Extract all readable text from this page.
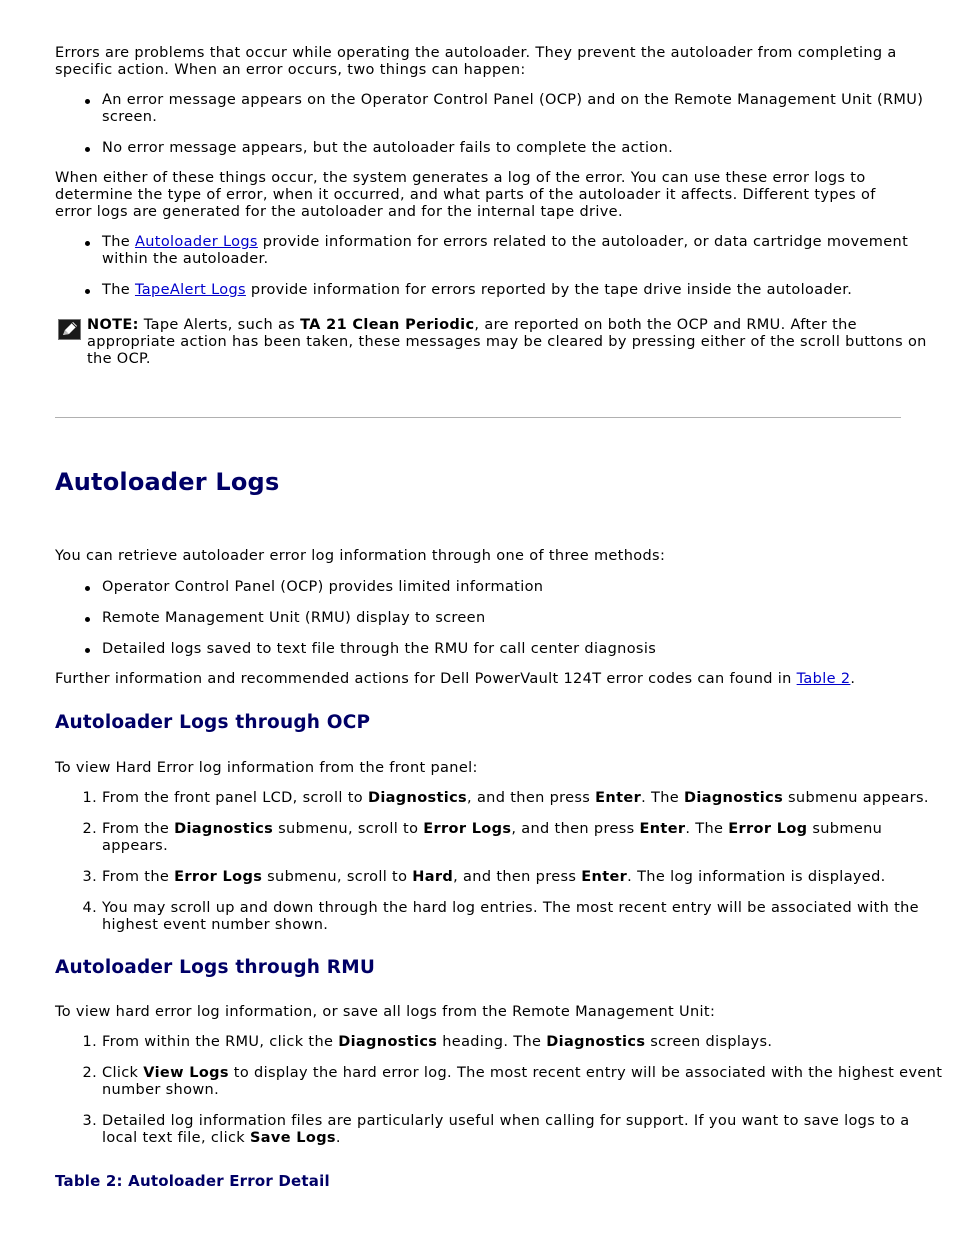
Errors are problems that occur while operating the autoloader. They prevent the autoloader from completing a specific action. When an error occurs, two things can happen:

An error message appears on the Operator Control Panel (OCP) and on the Remote Management Unit (RMU) screen.
No error message appears, but the autoloader fails to complete the action.

When either of these things occur, the system generates a log of the error. You can use these error logs to determine the type of error, when it occurred, and what parts of the autoloader it affects. Different types of error logs are generated for the autoloader and for the internal tape drive.

The Autoloader Logs provide information for errors related to the autoloader, or data cartridge movement within the autoloader.
The TapeAlert Logs provide information for errors reported by the tape drive inside the autoloader.
NOTE: Tape Alerts, such as TA 21 Clean Periodic, are reported on both the OCP and RMU. After the appropriate action has been taken, these messages may be cleared by pressing either of the scroll buttons on the OCP.
Autoloader Logs

You can retrieve autoloader error log information through one of three methods:

Operator Control Panel (OCP) provides limited information
Remote Management Unit (RMU) display to screen
Detailed logs saved to text file through the RMU for call center diagnosis

Further information and recommended actions for Dell PowerVault 124T error codes can found in Table 2.

Autoloader Logs through OCP

To view Hard Error log information from the front panel:

1. From the front panel LCD, scroll to Diagnostics, and then press Enter. The Diagnostics submenu appears.
2. From the Diagnostics submenu, scroll to Error Logs, and then press Enter. The Error Log submenu appears.
3. From the Error Logs submenu, scroll to Hard, and then press Enter. The log information is displayed.
4. You may scroll up and down through the hard log entries. The most recent entry will be associated with the highest event number shown.
Autoloader Logs through RMU

To view hard error log information, or save all logs from the Remote Management Unit:

1. From within the RMU, click the Diagnostics heading. The Diagnostics screen displays.
2. Click View Logs to display the hard error log. The most recent entry will be associated with the highest event number shown.
3. Detailed log information files are particularly useful when calling for support. If you want to save logs to a local text file, click Save Logs.
Table 2: Autoloader Error Detail
